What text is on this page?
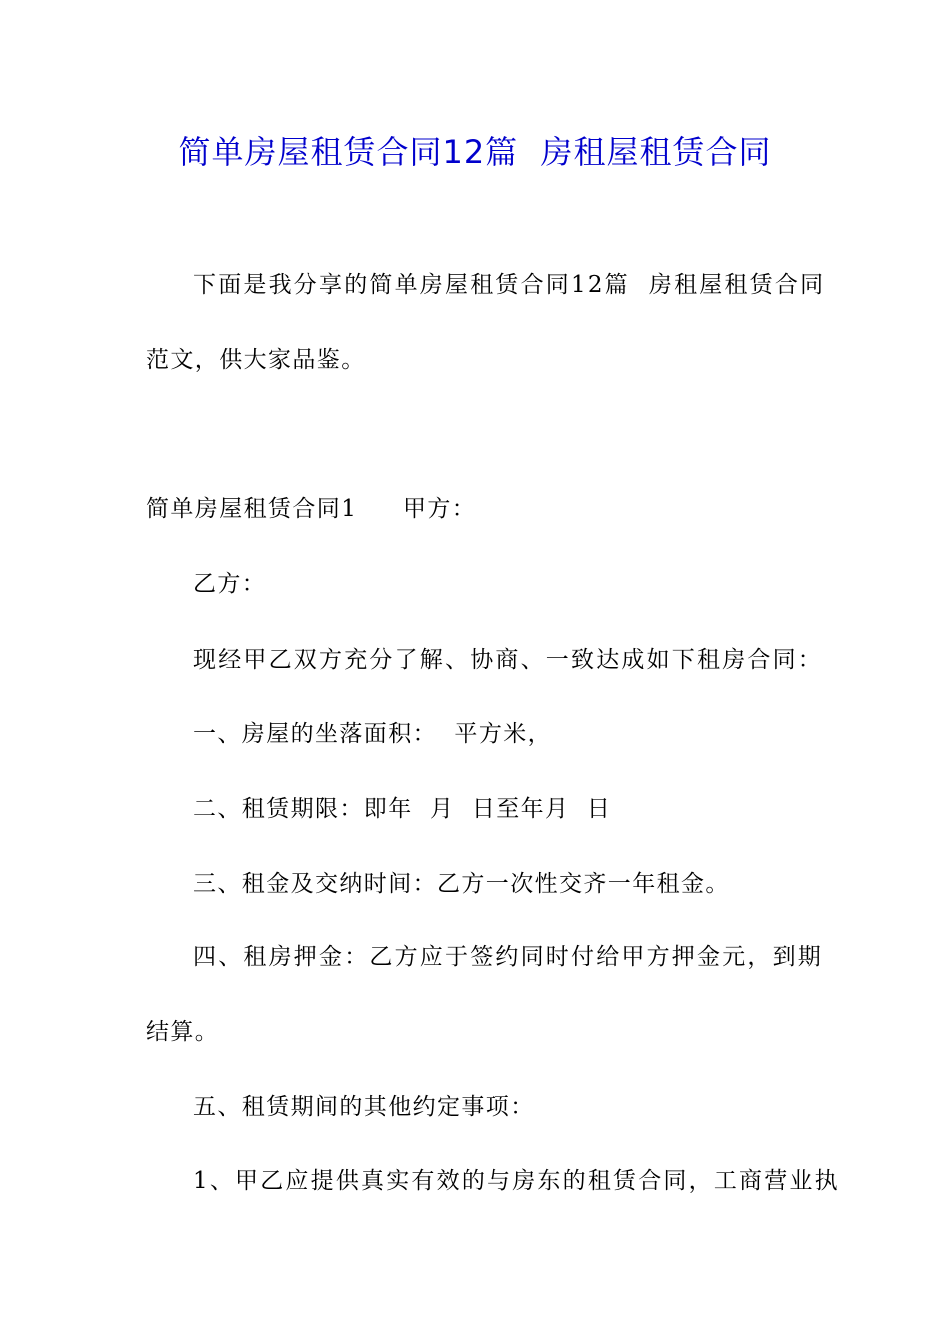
简单房屋租赁合同12篇  房租屋租赁合同
下面是我分享的简单房屋租赁合同12篇  房租屋租赁合同
范文，供大家品鉴。
简单房屋租赁合同1 甲方：
乙方：
现经甲乙双方充分了解、协商、一致达成如下租房合同：
一、房屋的坐落面积：  平方米，
二、租赁期限：即年  月  日至年月  日
三、租金及交纳时间：乙方一次性交齐一年租金。
四、租房押金：乙方应于签约同时付给甲方押金元，到期
结算。
五、租赁期间的其他约定事项：
1、甲乙应提供真实有效的与房东的租赁合同，工商营业执
